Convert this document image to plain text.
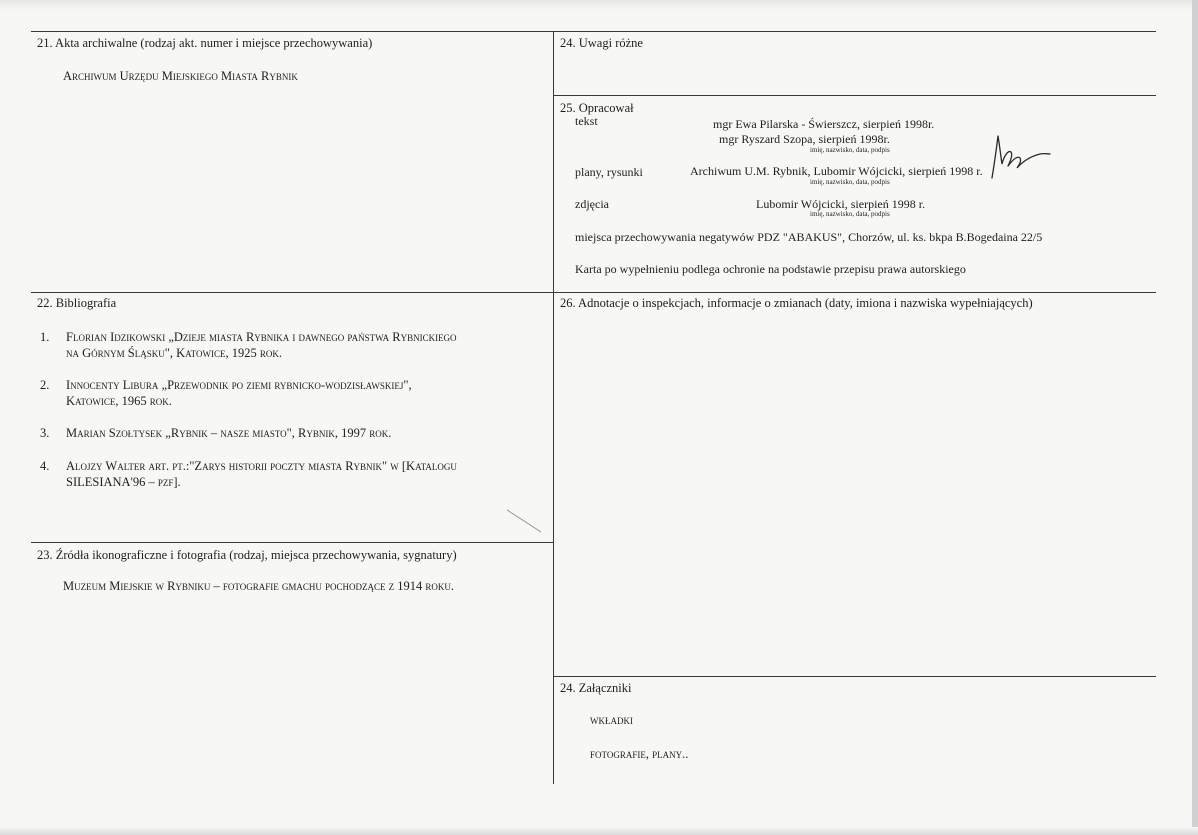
21. Akta archiwalne (rodzaj akt. numer i miejsce przechowywania)
Archiwum Urzędu Miejskiego Miasta Rybnik
24. Uwagi różne
25. Opracował
tekst	mgr Ewa Pilarska - Świerszcz, sierpień 1998r.
mgr Ryszard Szopa, sierpień 1998r.
imię, nazwisko, data, podpis
plany, rysunki	Archiwum U.M. Rybnik, Lubomir Wójcicki, sierpień 1998 r.
imię, nazwisko, data, podpis
zdjęcia	Lubomir Wójcicki, sierpień 1998 r.
imię, nazwisko, data, podpis
miejsca przechowywania negatywów PDZ "ABAKUS", Chorzów, ul. ks. bkpa B.Bogedaina 22/5
Karta po wypełnieniu podlega ochronie na podstawie przepisu prawa autorskiego
22. Bibliografia
1. Florian Idzikowski „Dzieje miasta Rybnika i dawnego państwa Rybnickiego
na Górnym Śląsku", Katowice, 1925 rok.
2. Innocenty Libura „Przewodnik po ziemi rybnicko-wodzisławskiej",
Katowice, 1965 rok.
3. Marian Szołtysek „Rybnik – nasze miasto", Rybnik, 1997 rok.
4. Alojzy Walter art. pt.:"Zarys historii poczty miasta Rybnik" w [Katalogu
SILESIANA'96 – pzf].
23. Źródła ikonograficzne i fotografia (rodzaj, miejsca przechowywania, sygnatury)
Muzeum Miejskie w Rybniku – fotografie gmachu pochodzące z 1914 roku.
26. Adnotacje o inspekcjach, informacje o zmianach (daty, imiona i nazwiska wypełniających)
24. Załączniki
wkładki
fotografie, plany..
